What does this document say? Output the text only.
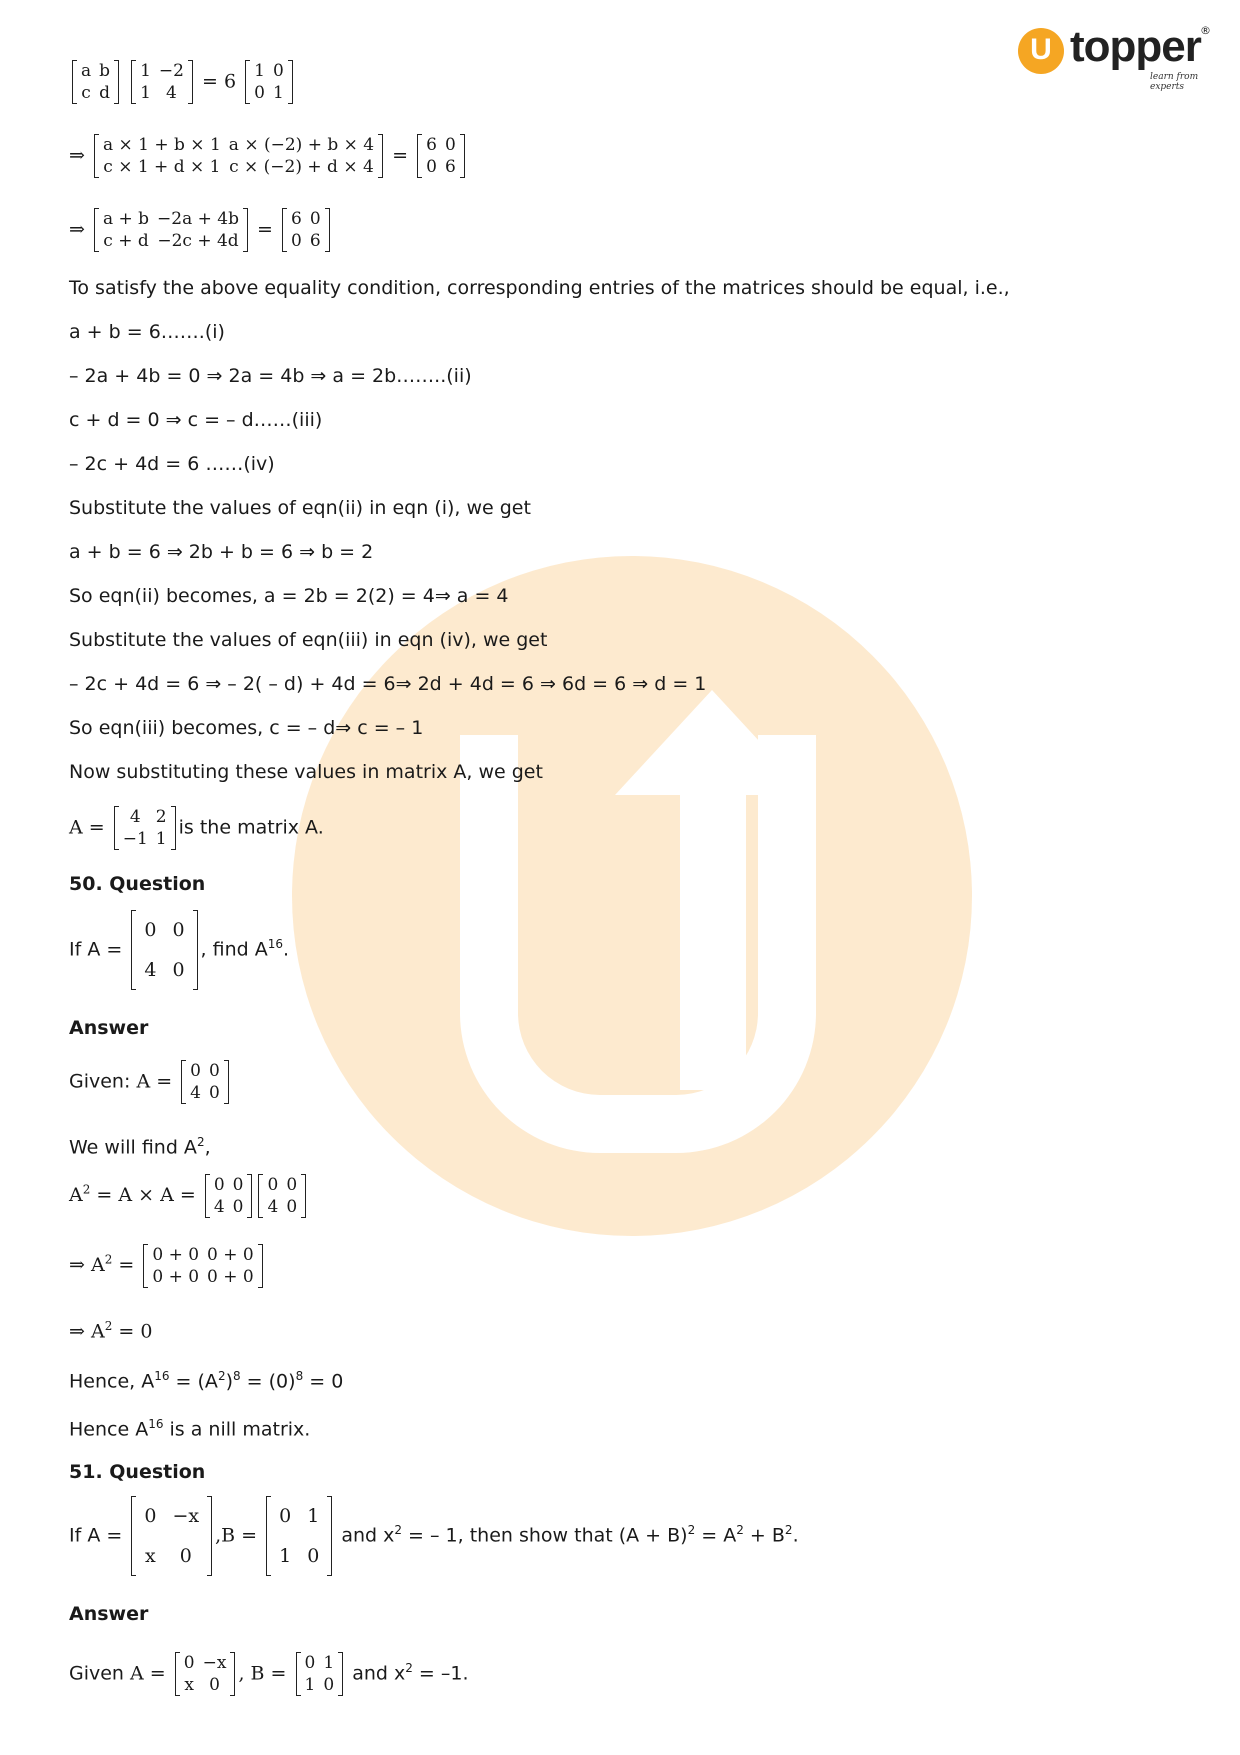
U topper ®
learn from experts
a	b
c	d

1	−2
1	4
= 6 1	0
0	1
⇒ a × 1 + b × 1	a × (−2) + b × 4
c × 1 + d × 1	c × (−2) + d × 4
= 6	0
0	6
⇒ a + b	−2a + 4b
c + d	−2c + 4d
= 6	0
0	6
To satisfy the above equality condition, corresponding entries of the matrices should be equal, i.e.,
a + b = 6…….(i)
– 2a + 4b = 0 ⇒ 2a = 4b ⇒ a = 2b……..(ii)
c + d = 0 ⇒ c = – d……(iii)
– 2c + 4d = 6 ……(iv)
Substitute the values of eqn(ii) in eqn (i), we get
a + b = 6 ⇒ 2b + b = 6 ⇒ b = 2
So eqn(ii) becomes, a = 2b = 2(2) = 4⇒ a = 4
Substitute the values of eqn(iii) in eqn (iv), we get
– 2c + 4d = 6 ⇒ – 2( – d) + 4d = 6⇒ 2d + 4d = 6 ⇒ 6d = 6 ⇒ d = 1
So eqn(iii) becomes, c = – d⇒ c = – 1
Now substituting these values in matrix A, we get
A = 4	2
−1	1
is the matrix A.
50. Question
If A =
0	0
4	0
, find $A^{16}$.
Answer
Given: A = 0	0
4	0
We will find $A^2$,
$A^2 = A \times A = 0$	0
4	0
0	0
4	0
⇒ $A^2 = 0 + 0$	0 + 0
0 + 0	0 + 0
⇒ $A^2 = 0$
Hence, $A^{16} = (A^2)^8 = (0)^8 = 0$
Hence $A^{16}$ is a nill matrix.
51. Question
If A =
0	−x
x	0
,B =
0	1
1	0
and $x^2$ = – 1, then show that $(A + B)^2 = A^2 + B^2$.
Answer
Given A = 0	−x
x	0
, B = 0	1
1	0
and $x^2 = -1$.
